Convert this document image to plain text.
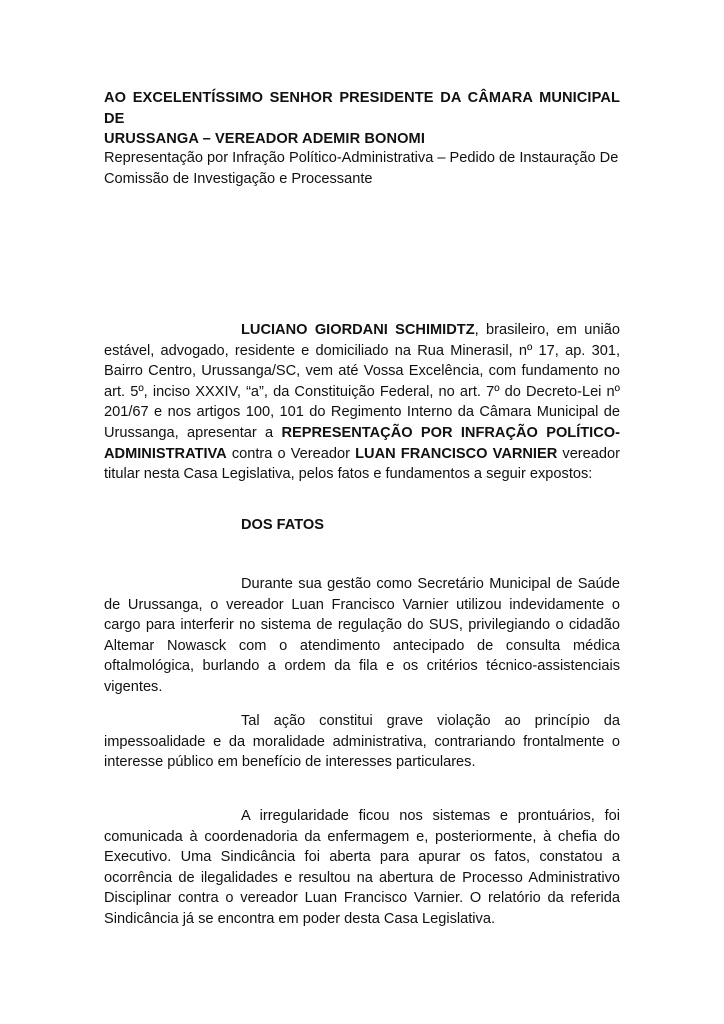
AO EXCELENTÍSSIMO SENHOR PRESIDENTE DA CÂMARA MUNICIPAL DE
URUSSANGA – VEREADOR ADEMIR BONOMI
Representação por Infração Político-Administrativa – Pedido de Instauração De Comissão de Investigação e Processante
LUCIANO GIORDANI SCHIMIDTZ, brasileiro, em união estável, advogado, residente e domiciliado na Rua Minerasil, nº 17, ap. 301, Bairro Centro, Urussanga/SC, vem até Vossa Excelência, com fundamento no art. 5º, inciso XXXIV, “a”, da Constituição Federal, no art. 7º do Decreto-Lei nº 201/67 e nos artigos 100, 101 do Regimento Interno da Câmara Municipal de Urussanga, apresentar a REPRESENTAÇÃO POR INFRAÇÃO POLÍTICO-ADMINISTRATIVA contra o Vereador LUAN FRANCISCO VARNIER vereador titular nesta Casa Legislativa, pelos fatos e fundamentos a seguir expostos:
DOS FATOS
Durante sua gestão como Secretário Municipal de Saúde de Urussanga, o vereador Luan Francisco Varnier utilizou indevidamente o cargo para interferir no sistema de regulação do SUS, privilegiando o cidadão Altemar Nowasck com o atendimento antecipado de consulta médica oftalmológica, burlando a ordem da fila e os critérios técnico-assistenciais vigentes.
Tal ação constitui grave violação ao princípio da impessoalidade e da moralidade administrativa, contrariando frontalmente o interesse público em benefício de interesses particulares.
A irregularidade ficou nos sistemas e prontuários, foi comunicada à coordenadoria da enfermagem e, posteriormente, à chefia do Executivo. Uma Sindicância foi aberta para apurar os fatos, constatou a ocorrência de ilegalidades e resultou na abertura de Processo Administrativo Disciplinar contra o vereador Luan Francisco Varnier. O relatório da referida Sindicância já se encontra em poder desta Casa Legislativa.
